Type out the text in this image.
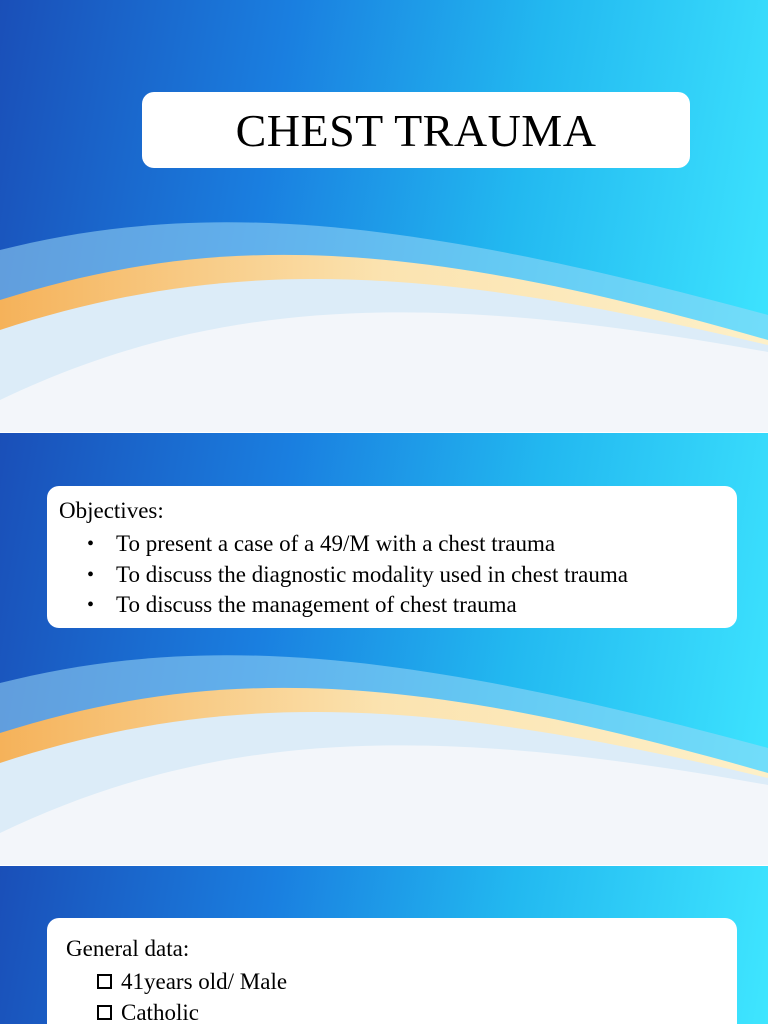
CHEST TRAUMA
Objectives:
• To present a case of a 49/M with a chest trauma
• To discuss the diagnostic modality used in chest trauma
• To discuss the management of chest trauma
General data:
41years old/ Male
Catholic
